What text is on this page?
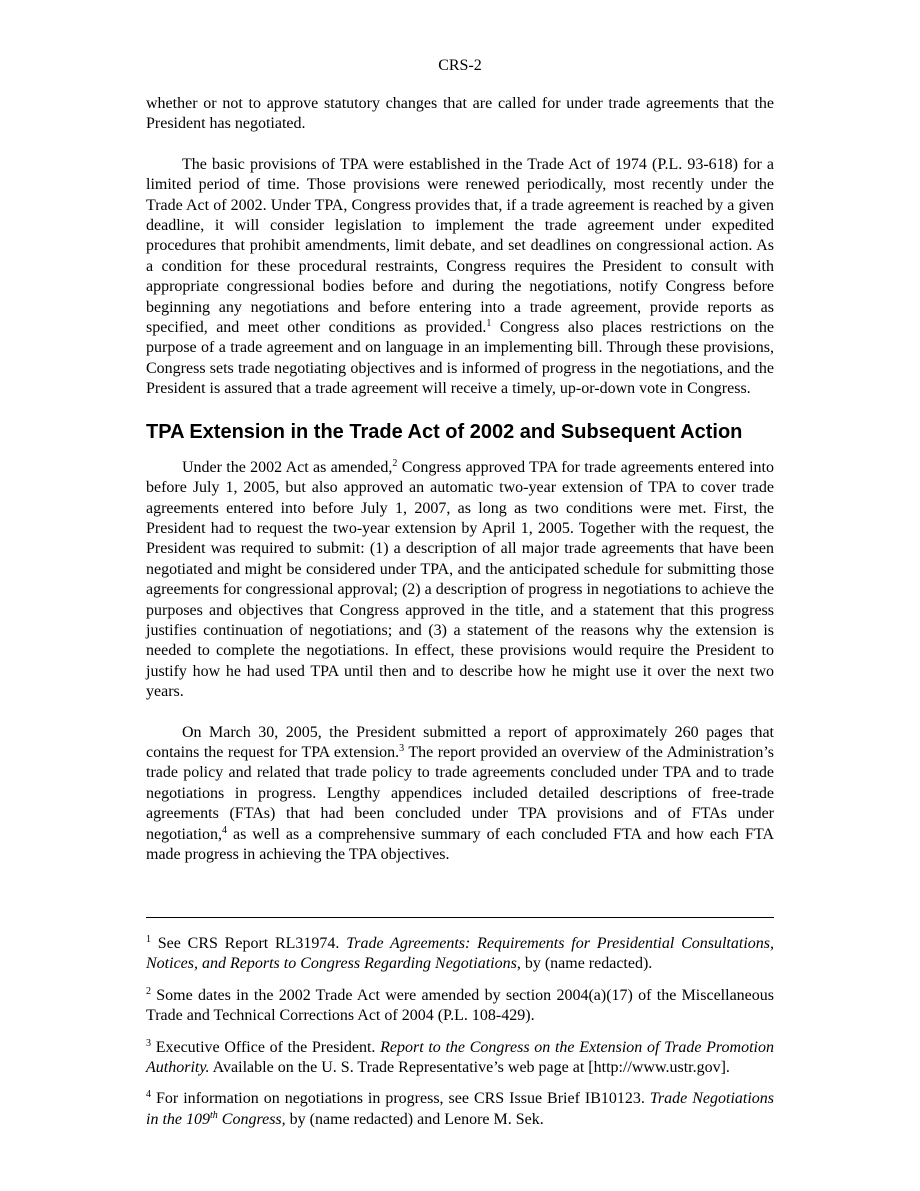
CRS-2

whether or not to approve statutory changes that are called for under trade agreements that the President has negotiated.

The basic provisions of TPA were established in the Trade Act of 1974 (P.L. 93-618) for a limited period of time. Those provisions were renewed periodically, most recently under the Trade Act of 2002. Under TPA, Congress provides that, if a trade agreement is reached by a given deadline, it will consider legislation to implement the trade agreement under expedited procedures that prohibit amendments, limit debate, and set deadlines on congressional action. As a condition for these procedural restraints, Congress requires the President to consult with appropriate congressional bodies before and during the negotiations, notify Congress before beginning any negotiations and before entering into a trade agreement, provide reports as specified, and meet other conditions as provided.$^1$ Congress also places restrictions on the purpose of a trade agreement and on language in an implementing bill. Through these provisions, Congress sets trade negotiating objectives and is informed of progress in the negotiations, and the President is assured that a trade agreement will receive a timely, up-or-down vote in Congress.

TPA Extension in the Trade Act of 2002 and Subsequent Action

Under the 2002 Act as amended,$^2$ Congress approved TPA for trade agreements entered into before July 1, 2005, but also approved an automatic two-year extension of TPA to cover trade agreements entered into before July 1, 2007, as long as two conditions were met. First, the President had to request the two-year extension by April 1, 2005. Together with the request, the President was required to submit: (1) a description of all major trade agreements that have been negotiated and might be considered under TPA, and the anticipated schedule for submitting those agreements for congressional approval; (2) a description of progress in negotiations to achieve the purposes and objectives that Congress approved in the title, and a statement that this progress justifies continuation of negotiations; and (3) a statement of the reasons why the extension is needed to complete the negotiations. In effect, these provisions would require the President to justify how he had used TPA until then and to describe how he might use it over the next two years.

On March 30, 2005, the President submitted a report of approximately 260 pages that contains the request for TPA extension.$^3$ The report provided an overview of the Administration’s trade policy and related that trade policy to trade agreements concluded under TPA and to trade negotiations in progress. Lengthy appendices included detailed descriptions of free-trade agreements (FTAs) that had been concluded under TPA provisions and of FTAs under negotiation,$^4$ as well as a comprehensive summary of each concluded FTA and how each FTA made progress in achieving the TPA objectives.

$^1$ See CRS Report RL31974. Trade Agreements: Requirements for Presidential Consultations, Notices, and Reports to Congress Regarding Negotiations, by (name redacted).
$^2$ Some dates in the 2002 Trade Act were amended by section 2004(a)(17) of the Miscellaneous Trade and Technical Corrections Act of 2004 (P.L. 108-429).
$^3$ Executive Office of the President. Report to the Congress on the Extension of Trade Promotion Authority. Available on the U. S. Trade Representative’s web page at [http://www.ustr.gov].
$^4$ For information on negotiations in progress, see CRS Issue Brief IB10123. Trade Negotiations in the 109th Congress, by (name redacted) and Lenore M. Sek.
